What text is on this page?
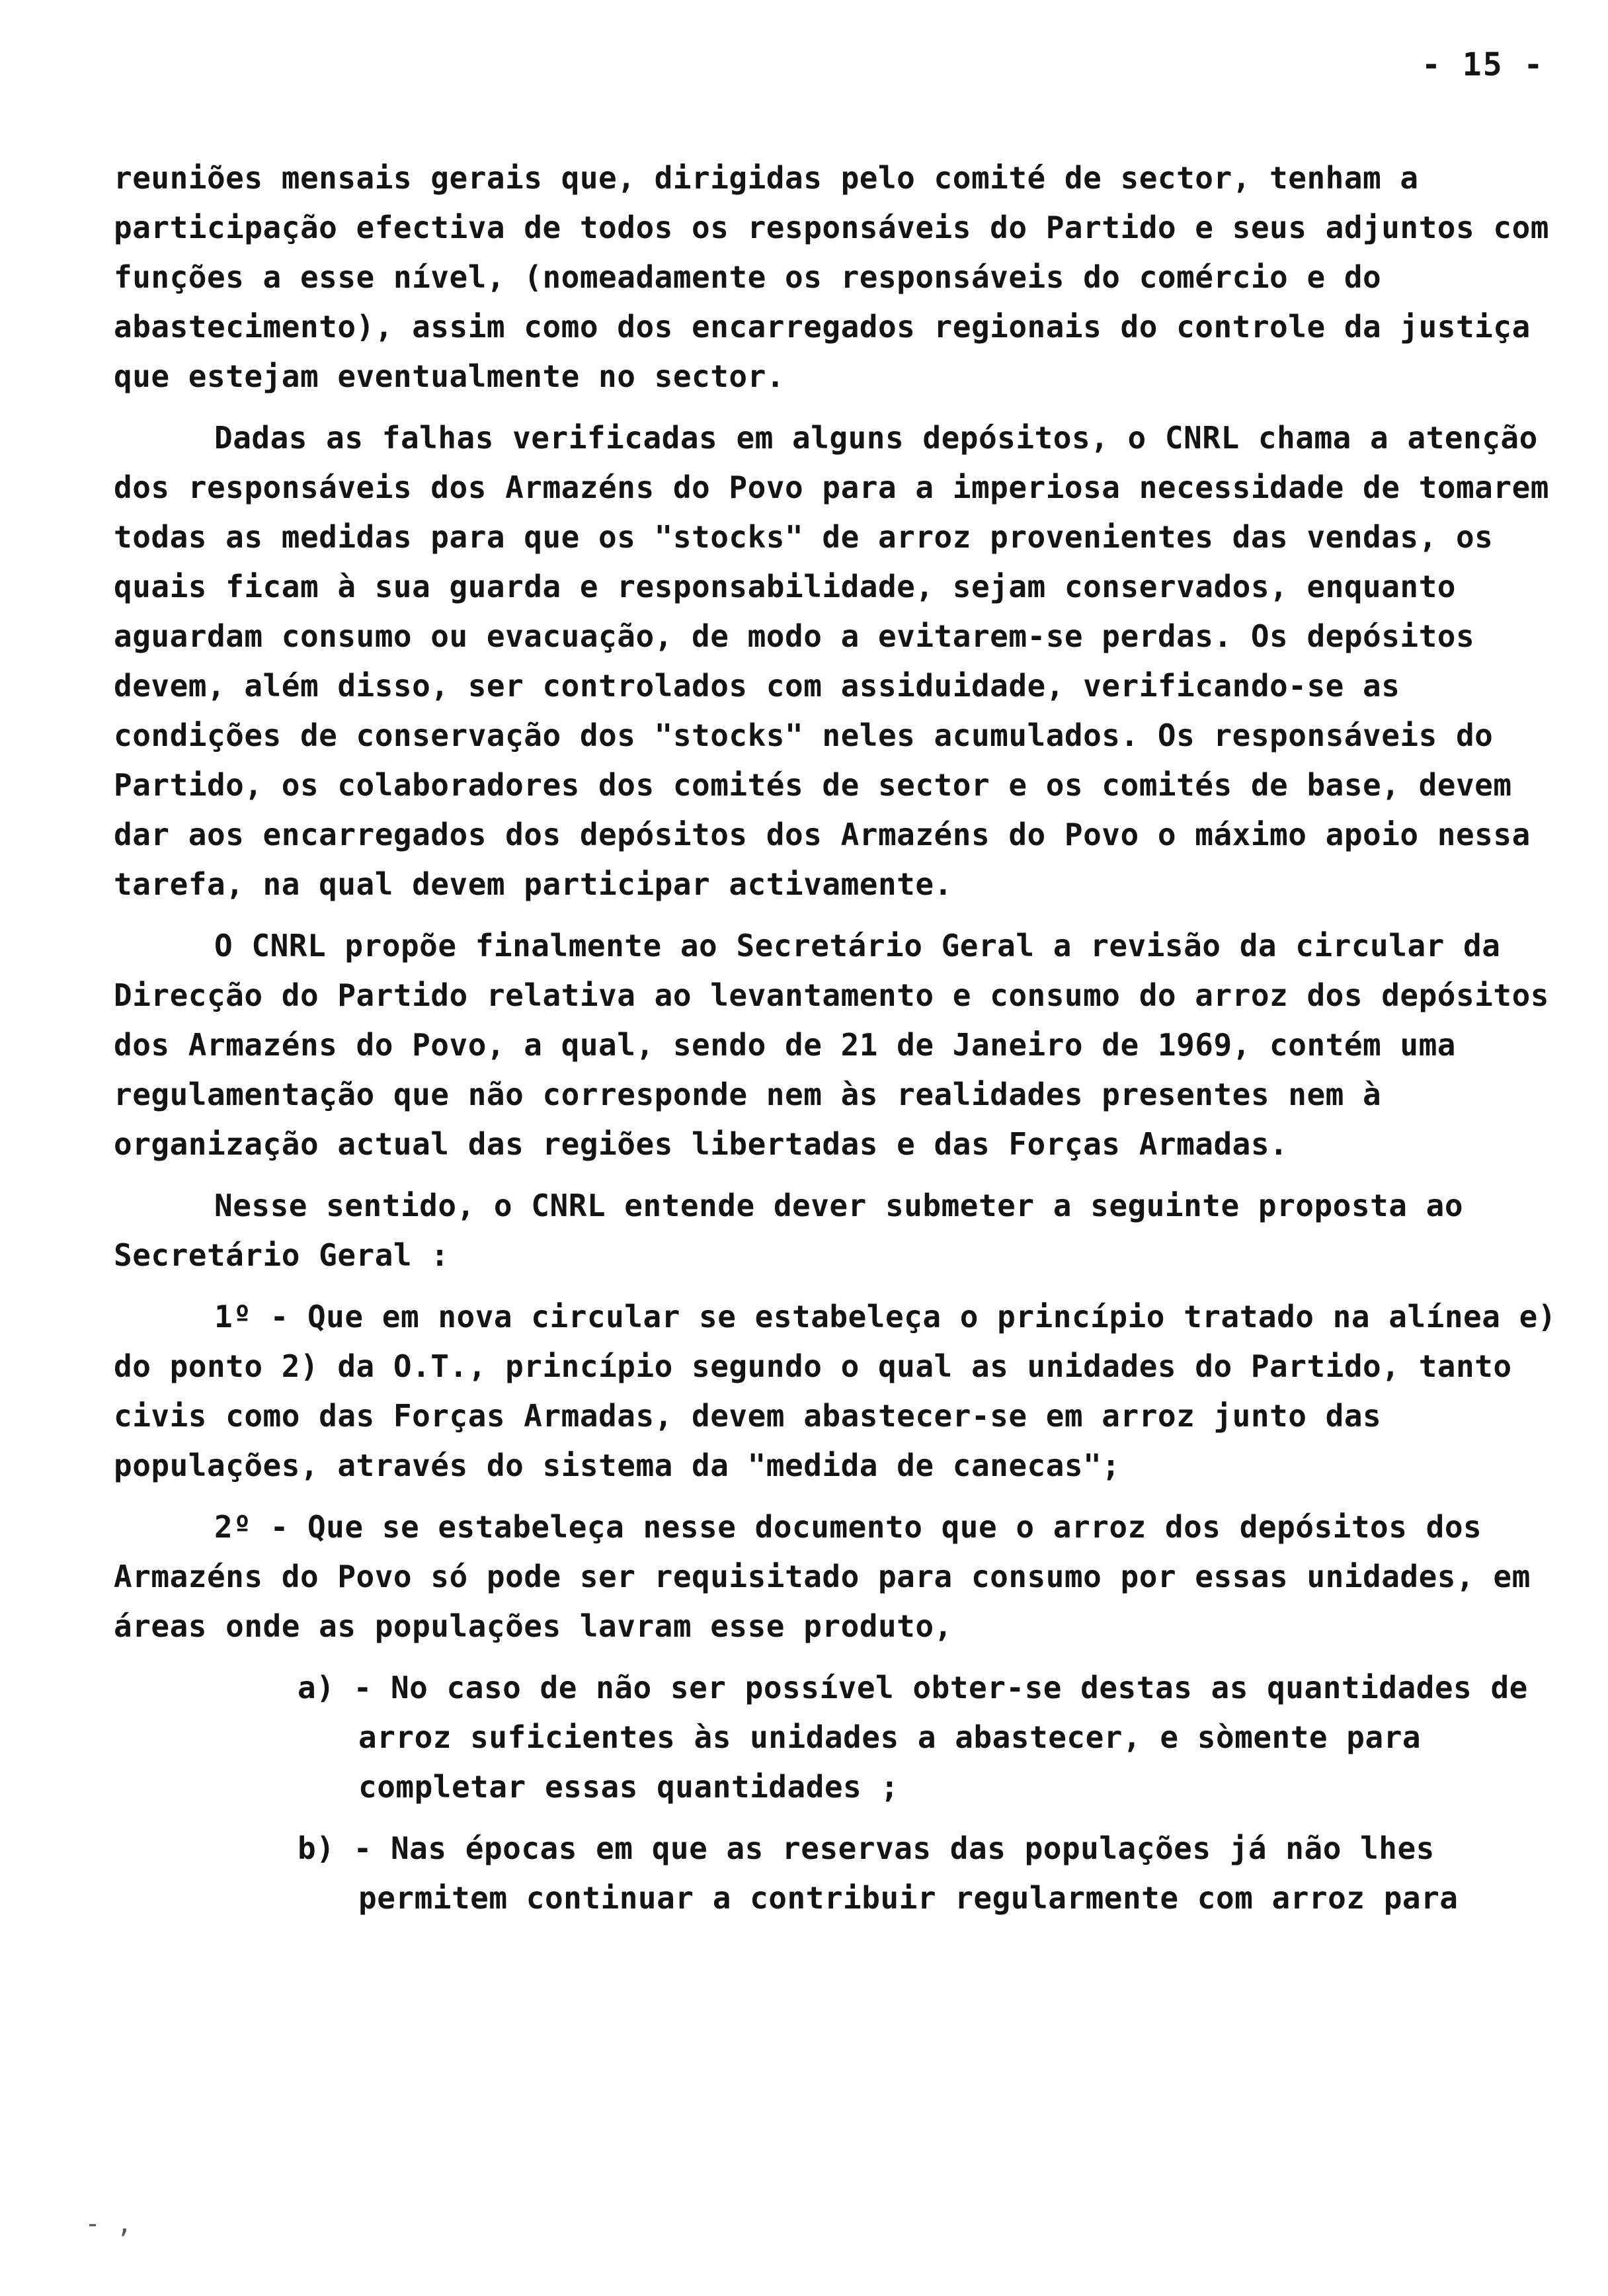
- 15 -

reuniões mensais gerais que, dirigidas pelo comité de sector, tenham a participação efectiva de todos os responsáveis do Partido e seus adjuntos com funções a esse nível, (nomeadamente os responsáveis do comércio e do abastecimento), assim como dos encarregados regionais do controle da justiça que estejam eventualmente no sector.

Dadas as falhas verificadas em alguns depósitos, o CNRL chama a atenção dos responsáveis dos Armazéns do Povo para a imperiosa necessidade de tomarem todas as medidas para que os "stocks" de arroz provenientes das vendas, os quais ficam à sua guarda e responsabilidade, sejam conservados, enquanto aguardam consumo ou evacuação, de modo a evitarem-se perdas. Os depósitos devem, além disso, ser controlados com assiduidade, verificando-se as condições de conservação dos "stocks" neles acumulados. Os responsáveis do Partido, os colaboradores dos comités de sector e os comités de base, devem dar aos encarregados dos depósitos dos Armazéns do Povo o máximo apoio nessa tarefa, na qual devem participar activamente.

O CNRL propõe finalmente ao Secretário Geral a revisão da circular da Direcção do Partido relativa ao levantamento e consumo do arroz dos depósitos dos Armazéns do Povo, a qual, sendo de 21 de Janeiro de 1969, contém uma regulamentação que não corresponde nem às realidades presentes nem à organização actual das regiões libertadas e das Forças Armadas.

Nesse sentido, o CNRL entende dever submeter a seguinte proposta ao Secretário Geral :

1º - Que em nova circular se estabeleça o princípio tratado na alínea e) do ponto 2) da O.T., princípio segundo o qual as unidades do Partido, tanto civis como das Forças Armadas, devem abastecer-se em arroz junto das populações, através do sistema da "medida de canecas";

2º - Que se estabeleça nesse documento que o arroz dos depósitos dos Armazéns do Povo só pode ser requisitado para consumo por essas unidades, em áreas onde as populações lavram esse produto,

a) - No caso de não ser possível obter-se destas as quantidades de arroz suficientes às unidades a abastecer, e sòmente para completar essas quantidades ;

b) - Nas épocas em que as reservas das populações já não lhes permitem continuar a contribuir regularmente com arroz para

- ,
